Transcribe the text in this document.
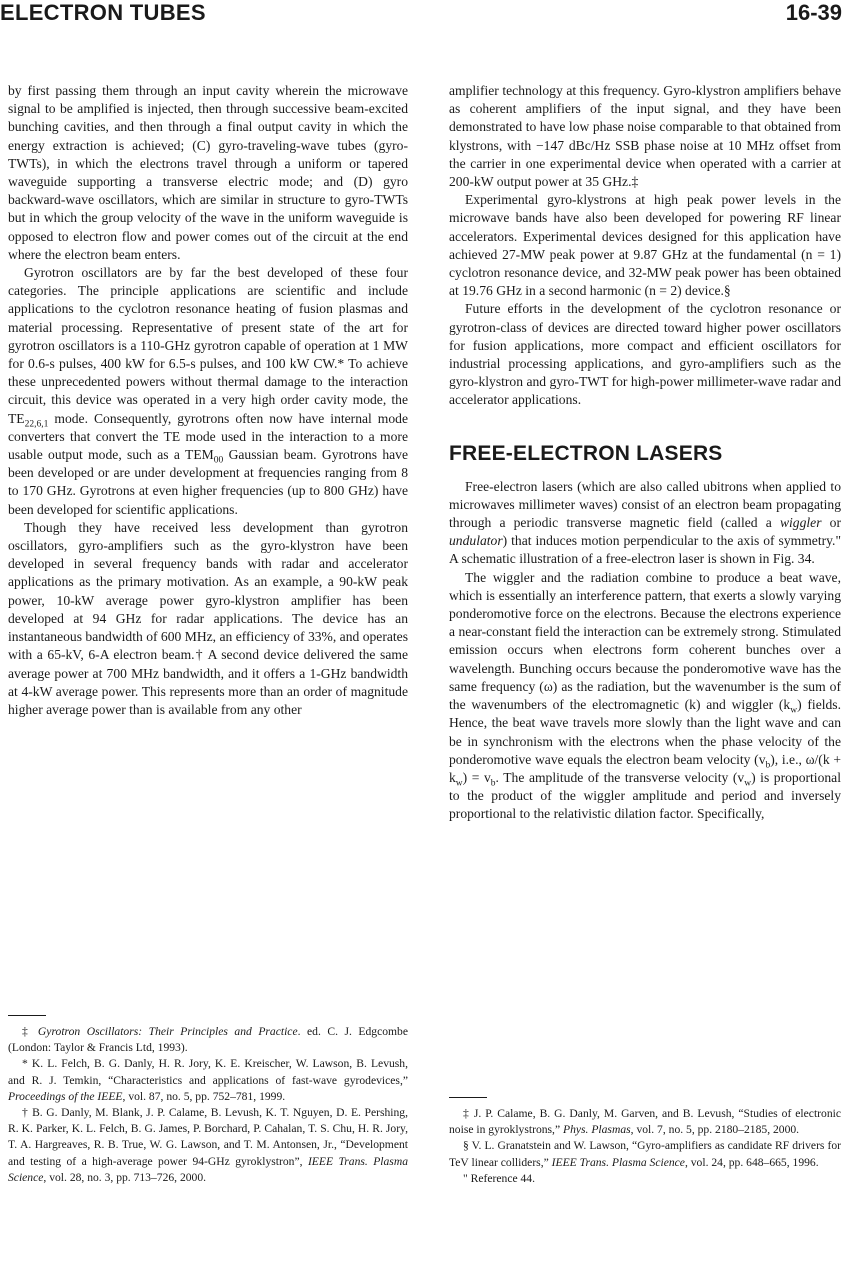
ELECTRON TUBES	16-39

by first passing them through an input cavity wherein the microwave signal to be amplified is injected, then through successive beam-excited bunching cavities, and then through a final output cavity in which the energy extraction is achieved; (C) gyro-traveling-wave tubes (gyro-TWTs), in which the electrons travel through a uniform or tapered waveguide supporting a transverse electric mode; and (D) gyro backward-wave oscillators, which are similar in structure to gyro-TWTs but in which the group velocity of the wave in the uniform waveguide is opposed to electron flow and power comes out of the circuit at the end where the electron beam enters.

Gyrotron oscillators are by far the best developed of these four categories. The principle applications are scientific and include applications to the cyclotron resonance heating of fusion plasmas and material processing. Representative of present state of the art for gyrotron oscillators is a 110-GHz gyrotron capable of operation at 1 MW for 0.6-s pulses, 400 kW for 6.5-s pulses, and 100 kW CW.* To achieve these unprecedented powers without thermal damage to the interaction circuit, this device was operated in a very high order cavity mode, the $TE_{22,6,1}$ mode. Consequently, gyrotrons often now have internal mode converters that convert the TE mode used in the interaction to a more usable output mode, such as a $TEM_{00}$ Gaussian beam. Gyrotrons have been developed or are under development at frequencies ranging from 8 to 170 GHz. Gyrotrons at even higher frequencies (up to 800 GHz) have been developed for scientific applications.

Though they have received less development than gyrotron oscillators, gyro-amplifiers such as the gyro-klystron have been developed in several frequency bands with radar and accelerator applications as the primary motivation. As an example, a 90-kW peak power, 10-kW average power gyro-klystron amplifier has been developed at 94 GHz for radar applications. The device has an instantaneous bandwidth of 600 MHz, an efficiency of 33%, and operates with a 65-kV, 6-A electron beam.† A second device delivered the same average power at 700 MHz bandwidth, and it offers a 1-GHz bandwidth at 4-kW average power. This represents more than an order of magnitude higher average power than is available from any other

‡ Gyrotron Oscillators: Their Principles and Practice. ed. C. J. Edgcombe (London: Taylor & Francis Ltd, 1993).

* K. L. Felch, B. G. Danly, H. R. Jory, K. E. Kreischer, W. Lawson, B. Levush, and R. J. Temkin, “Characteristics and applications of fast-wave gyrodevices,” Proceedings of the IEEE, vol. 87, no. 5, pp. 752–781, 1999.

† B. G. Danly, M. Blank, J. P. Calame, B. Levush, K. T. Nguyen, D. E. Pershing, R. K. Parker, K. L. Felch, B. G. James, P. Borchard, P. Cahalan, T. S. Chu, H. R. Jory, T. A. Hargreaves, R. B. True, W. G. Lawson, and T. M. Antonsen, Jr., “Development and testing of a high-average power 94-GHz gyroklystron”, IEEE Trans. Plasma Science, vol. 28, no. 3, pp. 713–726, 2000.

amplifier technology at this frequency. Gyro-klystron amplifiers behave as coherent amplifiers of the input signal, and they have been demonstrated to have low phase noise comparable to that obtained from klystrons, with −147 dBc/Hz SSB phase noise at 10 MHz offset from the carrier in one experimental device when operated with a carrier at 200-kW output power at 35 GHz.‡

Experimental gyro-klystrons at high peak power levels in the microwave bands have also been developed for powering RF linear accelerators. Experimental devices designed for this application have achieved 27-MW peak power at 9.87 GHz at the fundamental (n = 1) cyclotron resonance device, and 32-MW peak power has been obtained at 19.76 GHz in a second harmonic (n = 2) device.§

Future efforts in the development of the cyclotron resonance or gyrotron-class of devices are directed toward higher power oscillators for fusion applications, more compact and efficient oscillators for industrial processing applications, and gyro-amplifiers such as the gyro-klystron and gyro-TWT for high-power millimeter-wave radar and accelerator applications.

FREE-ELECTRON LASERS

Free-electron lasers (which are also called ubitrons when applied to microwaves millimeter waves) consist of an electron beam propagating through a periodic transverse magnetic field (called a wiggler or undulator) that induces motion perpendicular to the axis of symmetry." A schematic illustration of a free-electron laser is shown in Fig. 34.

The wiggler and the radiation combine to produce a beat wave, which is essentially an interference pattern, that exerts a slowly varying ponderomotive force on the electrons. Because the electrons experience a near-constant field the interaction can be extremely strong. Stimulated emission occurs when electrons form coherent bunches over a wavelength. Bunching occurs because the ponderomotive wave has the same frequency (ω) as the radiation, but the wavenumber is the sum of the wavenumbers of the electromagnetic (k) and wiggler $(k_w)$ fields. Hence, the beat wave travels more slowly than the light wave and can be in synchronism with the electrons when the phase velocity of the ponderomotive wave equals the electron beam velocity $(v_b)$, i.e., $\omega/(k + k_w) = v_b$. The amplitude of the transverse velocity $(v_w)$ is proportional to the product of the wiggler amplitude and period and inversely proportional to the relativistic dilation factor. Specifically,

‡ J. P. Calame, B. G. Danly, M. Garven, and B. Levush, “Studies of electronic noise in gyroklystrons,” Phys. Plasmas, vol. 7, no. 5, pp. 2180–2185, 2000.

§ V. L. Granatstein and W. Lawson, “Gyro-amplifiers as candidate RF drivers for TeV linear colliders,” IEEE Trans. Plasma Science, vol. 24, pp. 648–665, 1996.

" Reference 44.
